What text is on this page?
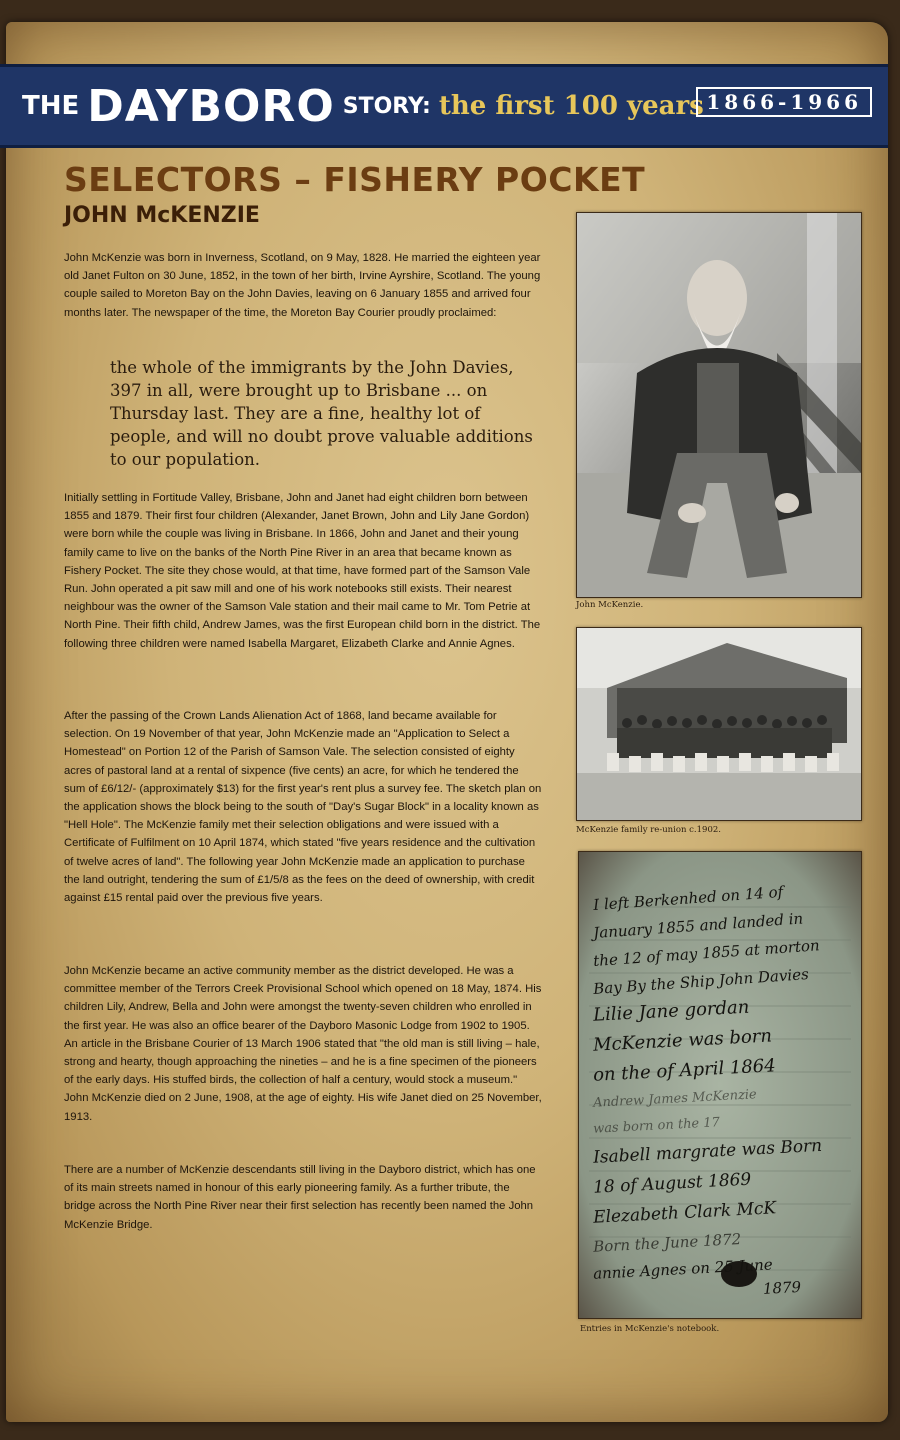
THE DAYBORO STORY: the first 100 years 1866-1966
SELECTORS – FISHERY POCKET
JOHN McKENZIE

John McKenzie was born in Inverness, Scotland, on 9 May, 1828. He married the eighteen year old Janet Fulton on 30 June, 1852, in the town of her birth, Irvine Ayrshire, Scotland. The young couple sailed to Moreton Bay on the John Davies, leaving on 6 January 1855 and arrived four months later. The newspaper of the time, the Moreton Bay Courier proudly proclaimed:

the whole of the immigrants by the John Davies, 397 in all, were brought up to Brisbane ... on Thursday last. They are a fine, healthy lot of people, and will no doubt prove valuable additions to our population.

Initially settling in Fortitude Valley, Brisbane, John and Janet had eight children born between 1855 and 1879. Their first four children (Alexander, Janet Brown, John and Lily Jane Gordon) were born while the couple was living in Brisbane. In 1866, John and Janet and their young family came to live on the banks of the North Pine River in an area that became known as Fishery Pocket. The site they chose would, at that time, have formed part of the Samson Vale Run. John operated a pit saw mill and one of his work notebooks still exists. Their nearest neighbour was the owner of the Samson Vale station and their mail came to Mr. Tom Petrie at North Pine. Their fifth child, Andrew James, was the first European child born in the district. The following three children were named Isabella Margaret, Elizabeth Clarke and Annie Agnes.

After the passing of the Crown Lands Alienation Act of 1868, land became available for selection. On 19 November of that year, John McKenzie made an "Application to Select a Homestead" on Portion 12 of the Parish of Samson Vale. The selection consisted of eighty acres of pastoral land at a rental of sixpence (five cents) an acre, for which he tendered the sum of £6/12/- (approximately $13) for the first year's rent plus a survey fee. The sketch plan on the application shows the block being to the south of "Day's Sugar Block" in a locality known as "Hell Hole". The McKenzie family met their selection obligations and were issued with a Certificate of Fulfilment on 10 April 1874, which stated "five years residence and the cultivation of twelve acres of land". The following year John McKenzie made an application to purchase the land outright, tendering the sum of £1/5/8 as the fees on the deed of ownership, with credit against £15 rental paid over the previous five years.

John McKenzie became an active community member as the district developed. He was a committee member of the Terrors Creek Provisional School which opened on 18 May, 1874. His children Lily, Andrew, Bella and John were amongst the twenty-seven children who enrolled in the first year. He was also an office bearer of the Dayboro Masonic Lodge from 1902 to 1905. An article in the Brisbane Courier of 13 March 1906 stated that "the old man is still living – hale, strong and hearty, though approaching the nineties – and he is a fine specimen of the pioneers of the early days. His stuffed birds, the collection of half a century, would stock a museum." John McKenzie died on 2 June, 1908, at the age of eighty. His wife Janet died on 25 November, 1913.

There are a number of McKenzie descendants still living in the Dayboro district, which has one of its main streets named in honour of this early pioneering family. As a further tribute, the bridge across the North Pine River near their first selection has recently been named the John McKenzie Bridge.

John McKenzie.
McKenzie family re-union c.1902.
I left Berkenhed on 14 of
January 1855 and landed in
the 12 of may 1855 at morton
Bay By the Ship John Davies
Lilie Jane gordan
McKenzie was born
on the of April 1864
Andrew James McKenzie
was born on the 17
Isabell margrate was Born
18 of August 1869
Elezabeth Clark McK
Born the June 1872
annie Agnes on 25 June
1879
Entries in McKenzie's notebook.
